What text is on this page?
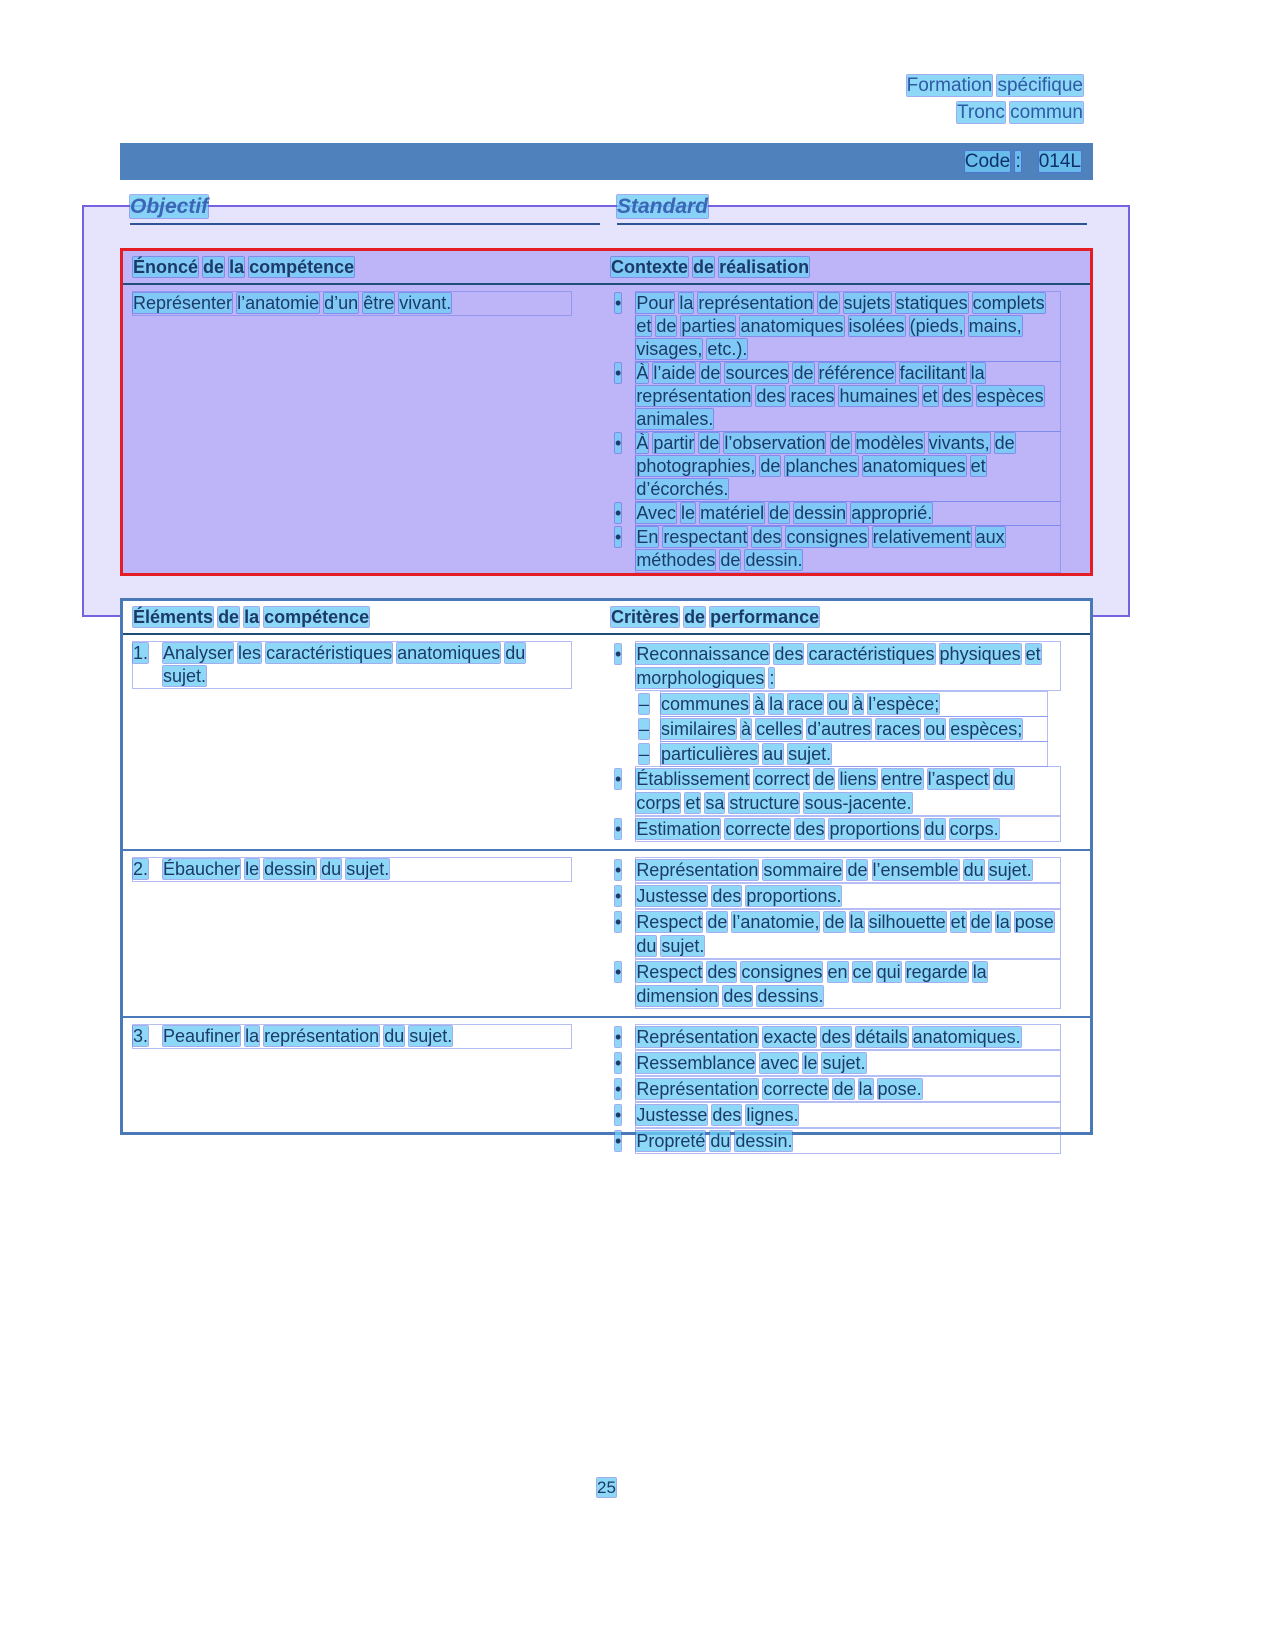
Formation spécifique
Tronc commun
Code : 014L
Objectif	Standard
Énoncé de la compétence	Contexte de réalisation
Représenter l’anatomie d’un être vivant.	• Pour la représentation de sujets statiques complets et de parties anatomiques isolées (pieds, mains, visages, etc.).
• À l’aide de sources de référence facilitant la représentation des races humaines et des espèces animales.
• À partir de l’observation de modèles vivants, de photographies, de planches anatomiques et d’écorchés.
• Avec le matériel de dessin approprié.
• En respectant des consignes relativement aux méthodes de dessin.
Éléments de la compétence	Critères de performance
1. Analyser les caractéristiques anatomiques du sujet.
• Reconnaissance des caractéristiques physiques et morphologiques :
– communes à la race ou à l’espèce;
– similaires à celles d’autres races ou espèces;
– particulières au sujet.
• Établissement correct de liens entre l’aspect du corps et sa structure sous-jacente.
• Estimation correcte des proportions du corps.
2. Ébaucher le dessin du sujet.	• Représentation sommaire de l’ensemble du sujet.
• Justesse des proportions.
• Respect de l’anatomie, de la silhouette et de la pose du sujet.
• Respect des consignes en ce qui regarde la dimension des dessins.
3. Peaufiner la représentation du sujet.	• Représentation exacte des détails anatomiques.
• Ressemblance avec le sujet.
• Représentation correcte de la pose.
• Justesse des lignes.
• Propreté du dessin.
25
